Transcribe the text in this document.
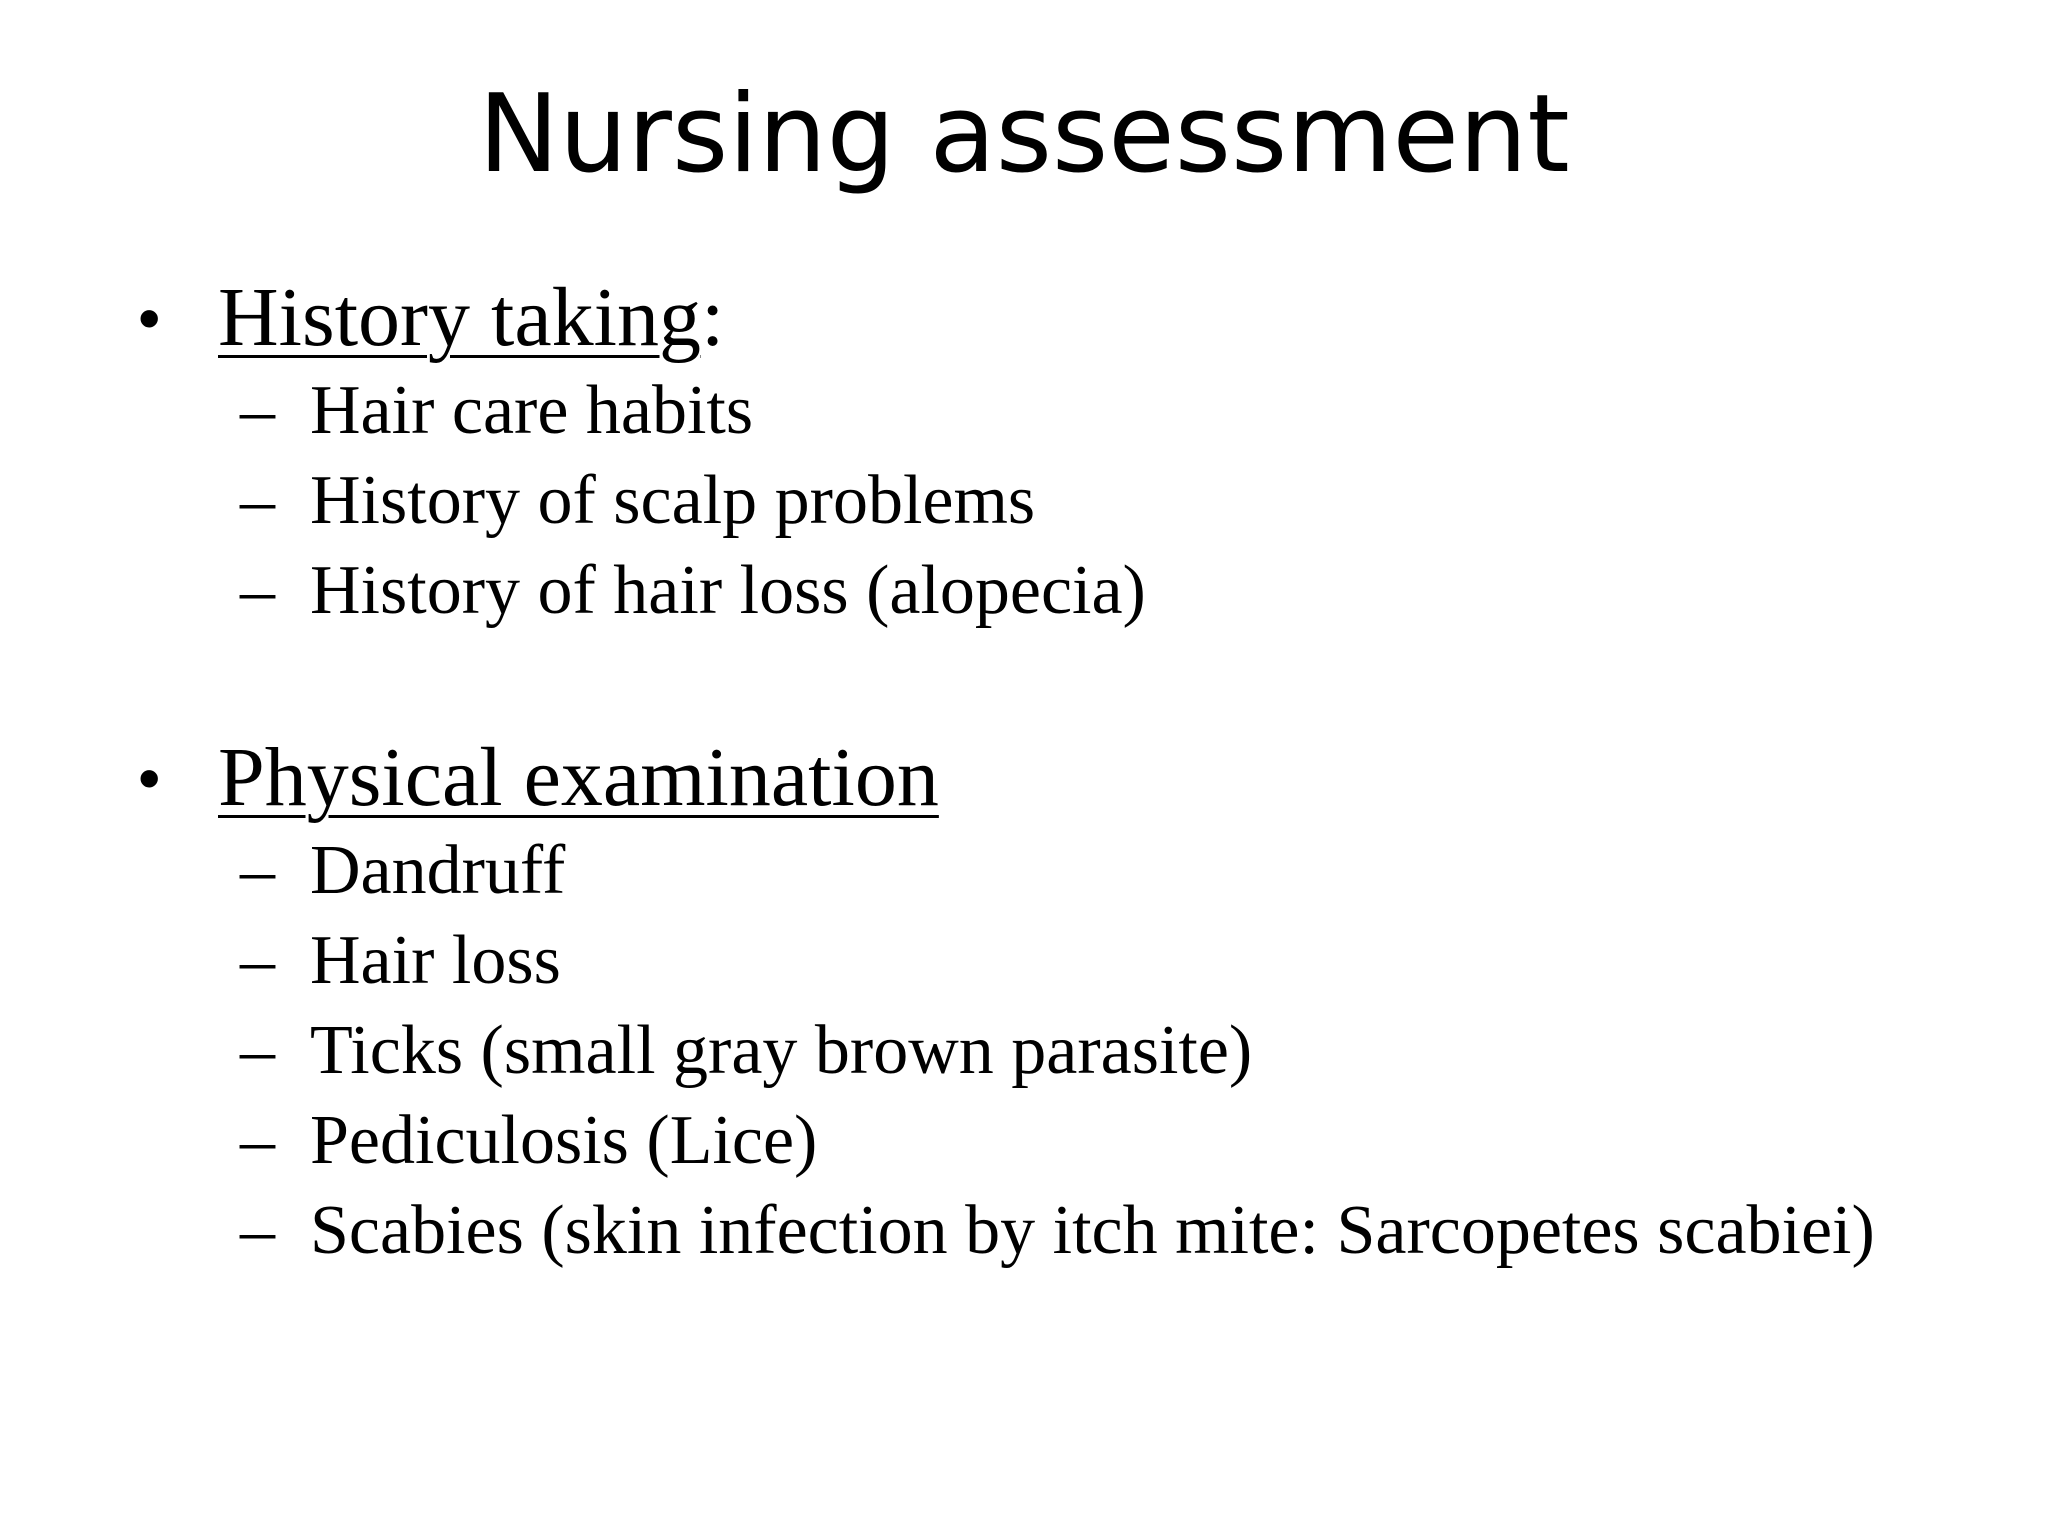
Nursing assessment
• History taking:
– Hair care habits
– History of scalp problems
– History of hair loss (alopecia)
• Physical examination
– Dandruff
– Hair loss
– Ticks (small gray brown parasite)
– Pediculosis (Lice)
– Scabies (skin infection by itch mite: Sarcopetes scabiei)
